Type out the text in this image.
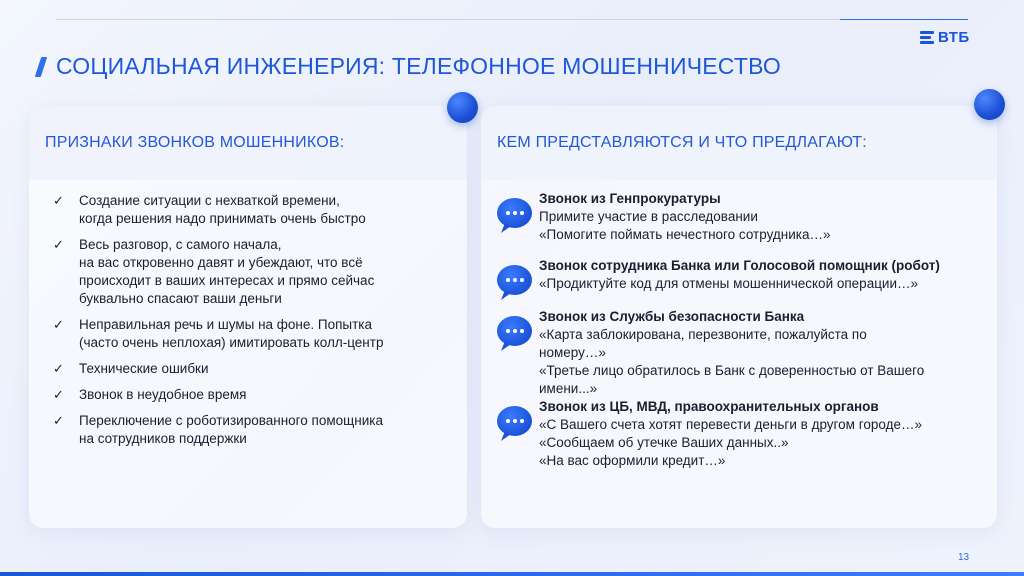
ВТБ
СОЦИАЛЬНАЯ ИНЖЕНЕРИЯ: ТЕЛЕФОННОЕ МОШЕННИЧЕСТВО
ПРИЗНАКИ ЗВОНКОВ МОШЕННИКОВ:	КЕМ ПРЕДСТАВЛЯЮТСЯ И ЧТО ПРЕДЛАГАЮТ:
✓	Создание ситуации с нехваткой времени,
когда решения надо принимать очень быстро
✓	Весь разговор, с самого начала,
на вас откровенно давят и убеждают, что всё
происходит в ваших интересах и прямо сейчас
буквально спасают ваши деньги
✓	Неправильная речь и шумы на фоне. Попытка
(часто очень неплохая) имитировать колл-центр
✓	Технические ошибки
✓	Звонок в неудобное время
✓	Переключение с роботизированного помощника
на сотрудников поддержки
Звонок из Генпрокуратуры
Примите участие в расследовании
«Помогите поймать нечестного сотрудника…»
Звонок сотрудника Банка или Голосовой помощник (робот)
«Продиктуйте код для отмены мошеннической операции…»
Звонок из Службы безопасности Банка
«Карта заблокирована, перезвоните, пожалуйста по
номеру…»
«Третье лицо обратилось в Банк с доверенностью от Вашего
имени...»
Звонок из ЦБ, МВД, правоохранительных органов
«С Вашего счета хотят перевести деньги в другом городе…»
«Сообщаем об утечке Ваших данных..»
«На вас оформили кредит…»
13
